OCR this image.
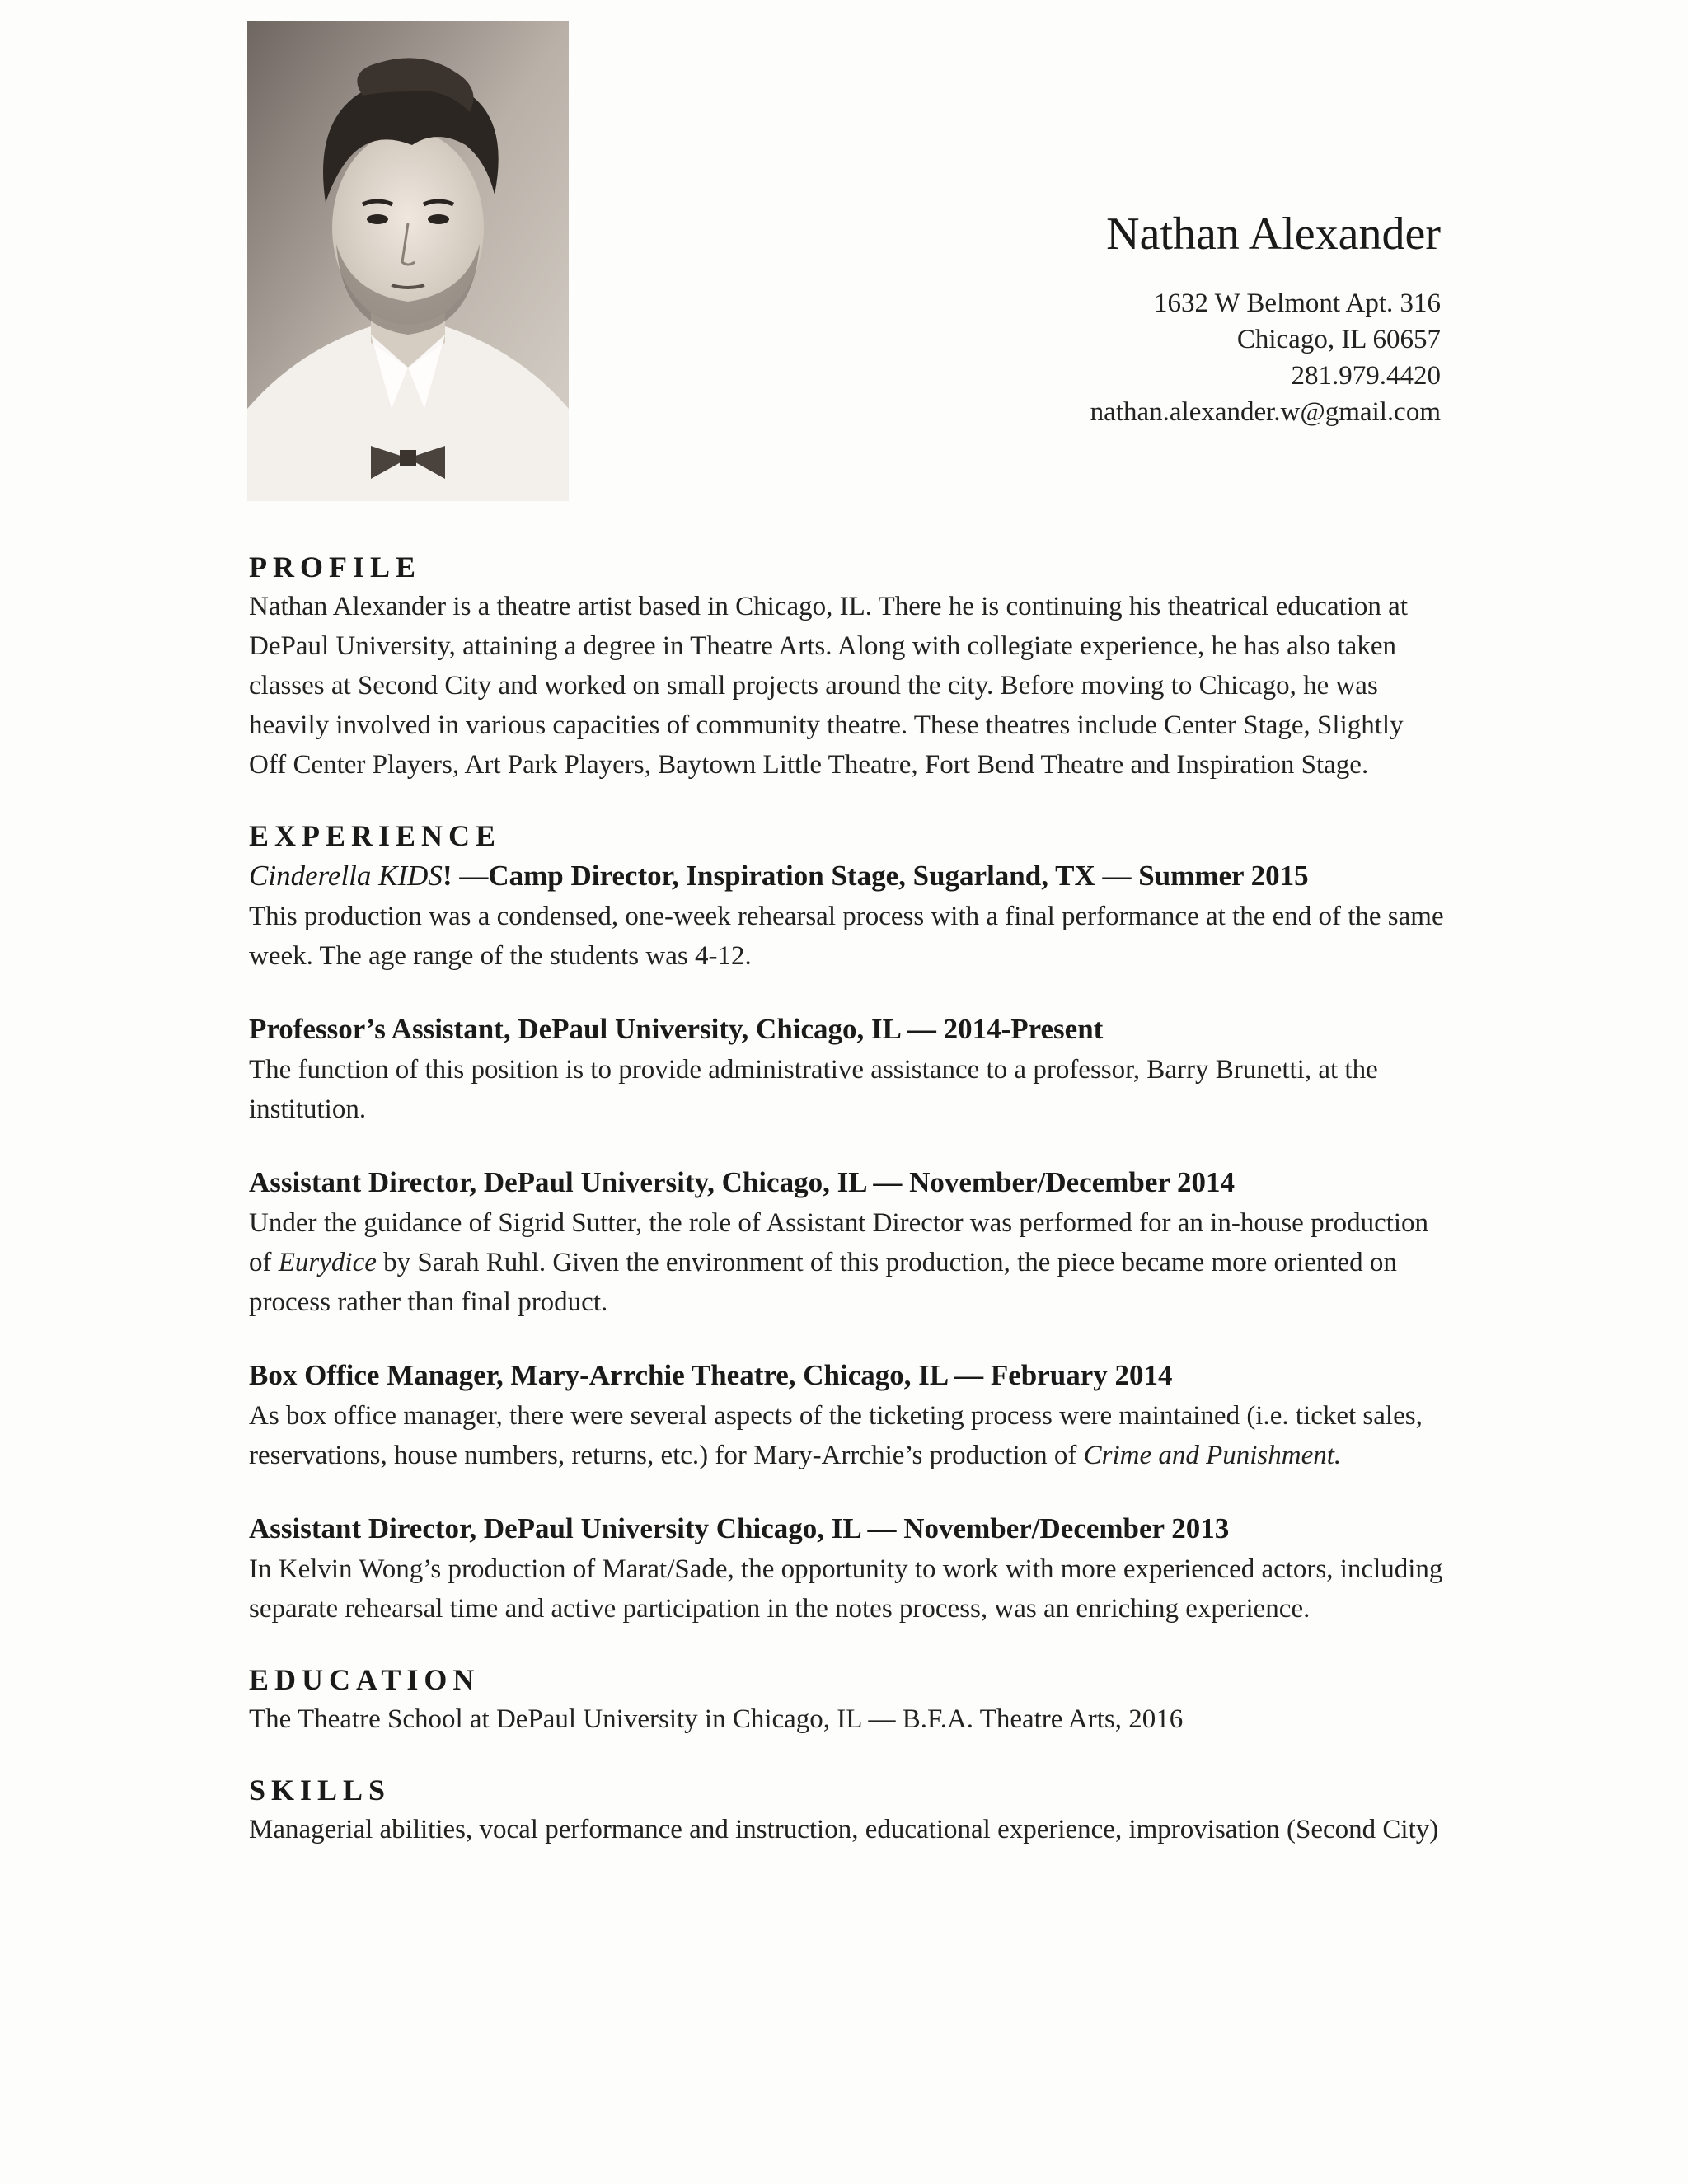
Nathan Alexander
1632 W Belmont Apt. 316
Chicago, IL 60657
281.979.4420
nathan.alexander.w@gmail.com
PROFILE
Nathan Alexander is a theatre artist based in Chicago, IL. There he is continuing his theatrical education at DePaul University, attaining a degree in Theatre Arts. Along with collegiate experience, he has also taken classes at Second City and worked on small projects around the city. Before moving to Chicago, he was heavily involved in various capacities of community theatre. These theatres include Center Stage, Slightly Off Center Players, Art Park Players, Baytown Little Theatre, Fort Bend Theatre and Inspiration Stage.
EXPERIENCE
Cinderella KIDS! —Camp Director, Inspiration Stage, Sugarland, TX — Summer 2015
This production was a condensed, one-week rehearsal process with a final performance at the end of the same week. The age range of the students was 4-12.
Professor’s Assistant, DePaul University, Chicago, IL — 2014-Present
The function of this position is to provide administrative assistance to a professor, Barry Brunetti, at the institution.
Assistant Director, DePaul University, Chicago, IL — November/December 2014
Under the guidance of Sigrid Sutter, the role of Assistant Director was performed for an in-house production of Eurydice by Sarah Ruhl. Given the environment of this production, the piece became more oriented on process rather than final product.
Box Office Manager, Mary-Arrchie Theatre, Chicago, IL — February 2014
As box office manager, there were several aspects of the ticketing process were maintained (i.e. ticket sales, reservations, house numbers, returns, etc.) for Mary-Arrchie’s production of Crime and Punishment.
Assistant Director, DePaul University Chicago, IL — November/December 2013
In Kelvin Wong’s production of Marat/Sade, the opportunity to work with more experienced actors, including separate rehearsal time and active participation in the notes process, was an enriching experience.
EDUCATION
The Theatre School at DePaul University in Chicago, IL — B.F.A. Theatre Arts, 2016
SKILLS
Managerial abilities, vocal performance and instruction, educational experience, improvisation (Second City)
